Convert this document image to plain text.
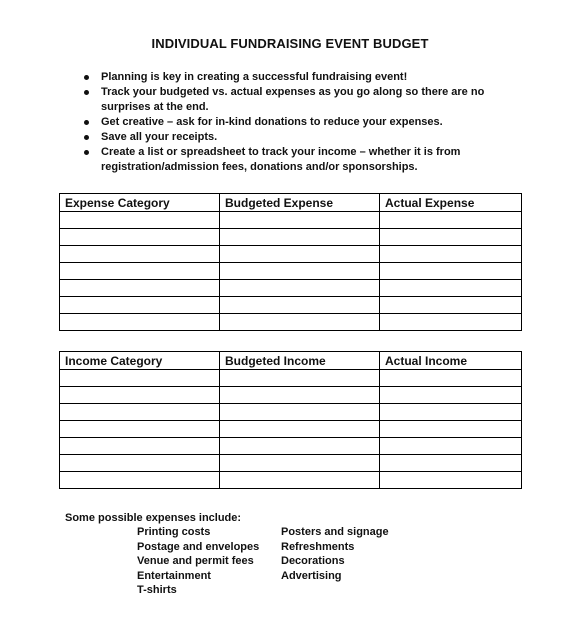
INDIVIDUAL FUNDRAISING EVENT BUDGET
Planning is key in creating a successful fundraising event!
Track your budgeted vs. actual expenses as you go along so there are no surprises at the end.
Get creative – ask for in-kind donations to reduce your expenses.
Save all your receipts.
Create a list or spreadsheet to track your income – whether it is from registration/admission fees, donations and/or sponsorships.
Expense Category	Budgeted Expense	Actual Expense

Income Category	Budgeted Income	Actual Income

Some possible expenses include:
Printing costs
Postage and envelopes
Venue and permit fees
Entertainment
T-shirts
Posters and signage
Refreshments
Decorations
Advertising
